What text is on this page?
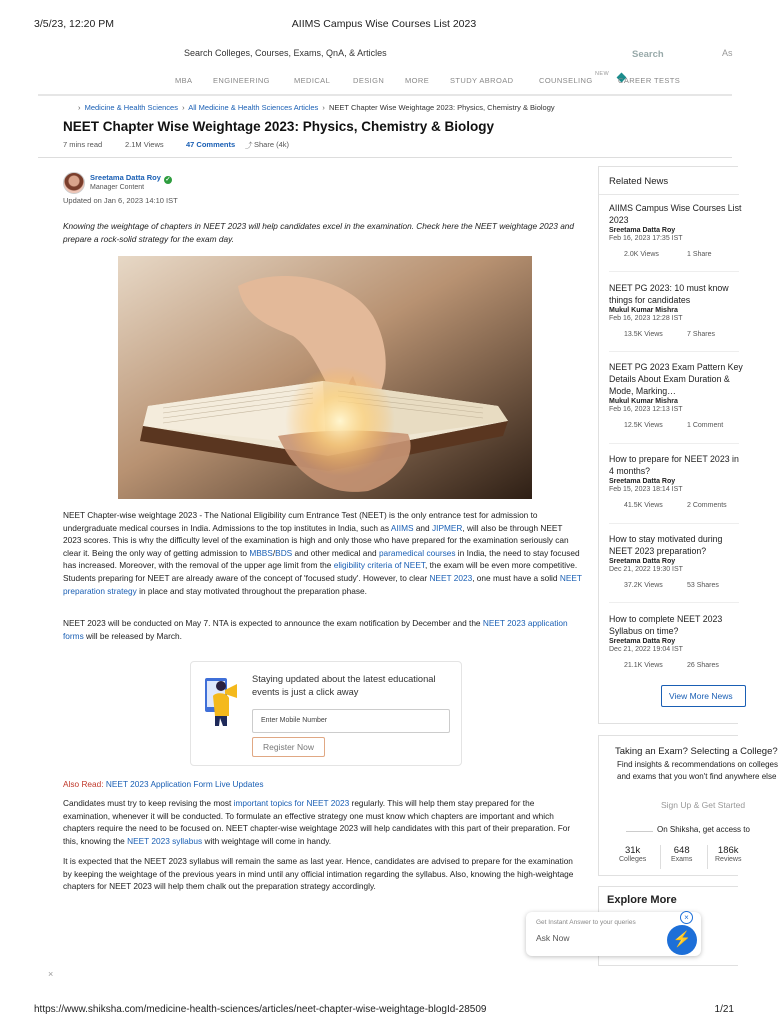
3/5/23, 12:20 PM	AIIMS Campus Wise Courses List 2023
Search Colleges, Courses, Exams, QnA, & Articles	Search	As
MBA	ENGINEERING	MEDICAL	DESIGN	MORE	STUDY ABROAD	COUNSELING
NEW
CAREER TESTS
› Medicine & Health Sciences › All Medicine & Health Sciences Articles › NEET Chapter Wise Weightage 2023: Physics, Chemistry & Biology
NEET Chapter Wise Weightage 2023: Physics, Chemistry & Biology
7 mins read	2.1M Views	47 Comments ⤴ Share (4k)
Sreetama Datta Roy ✓
Manager Content
Updated on Jan 6, 2023 14:10 IST

Knowing the weightage of chapters in NEET 2023 will help candidates excel in the examination. Check here the NEET weightage 2023 and prepare a rock-solid strategy for the exam day.

NEET Chapter-wise weightage 2023 - The National Eligibility cum Entrance Test (NEET) is the only entrance test for admission to undergraduate medical courses in India. Admissions to the top institutes in India, such as AIIMS and JIPMER, will also be through NEET 2023 scores. This is why the difficulty level of the examination is high and only those who have prepared for the examination seriously can clear it. Being the only way of getting admission to MBBS/BDS and other medical and paramedical courses in India, the need to stay focused has increased. Moreover, with the removal of the upper age limit from the eligibility criteria of NEET, the exam will be even more competitive. Students preparing for NEET are already aware of the concept of 'focused study'. However, to clear NEET 2023, one must have a solid NEET preparation strategy in place and stay motivated throughout the preparation phase.

NEET 2023 will be conducted on May 7. NTA is expected to announce the exam notification by December and the NEET 2023 application forms will be released by March.

Staying updated about the latest educational events is just a click away
Enter Mobile Number
Register Now
Also Read: NEET 2023 Application Form Live Updates

Candidates must try to keep revising the most important topics for NEET 2023 regularly. This will help them stay prepared for the examination, whenever it will be conducted. To formulate an effective strategy one must know which chapters are important and which chapters require the need to be focused on. NEET chapter-wise weightage 2023 will help candidates with this part of their preparation. For this, knowing the NEET 2023 syllabus with weightage will come in handy.

It is expected that the NEET 2023 syllabus will remain the same as last year. Hence, candidates are advised to prepare for the examination by keeping the weightage of the previous years in mind until any official intimation regarding the syllabus. Also, knowing the high-weightage chapters for NEET 2023 will help them chalk out the preparation strategy accordingly.

Related News
AIIMS Campus Wise Courses List 2023
Sreetama Datta Roy
Feb 16, 2023 17:35 IST
2.0K Views	1 Share
NEET PG 2023: 10 must know things for candidates
Mukul Kumar Mishra
Feb 16, 2023 12:28 IST
13.5K Views	7 Shares
NEET PG 2023 Exam Pattern Key Details About Exam Duration & Mode, Marking…
Mukul Kumar Mishra
Feb 16, 2023 12:13 IST
12.5K Views	1 Comment
How to prepare for NEET 2023 in 4 months?
Sreetama Datta Roy
Feb 15, 2023 18:14 IST
41.5K Views	2 Comments
How to stay motivated during NEET 2023 preparation?
Sreetama Datta Roy
Dec 21, 2022 19:30 IST
37.2K Views	53 Shares
How to complete NEET 2023 Syllabus on time?
Sreetama Datta Roy
Dec 21, 2022 19:04 IST
21.1K Views	26 Shares
View More News
Taking an Exam? Selecting a College?
Find insights & recommendations on colleges
and exams that you won't find anywhere else
Sign Up & Get Started
On Shiksha, get access to
31k
Colleges
648
Exams
186k
Reviews
Explore More
Get Instant Answer to your queries
Ask Now	⚡
×
×
https://www.shiksha.com/medicine-health-sciences/articles/neet-chapter-wise-weightage-blogId-28509	1/21
